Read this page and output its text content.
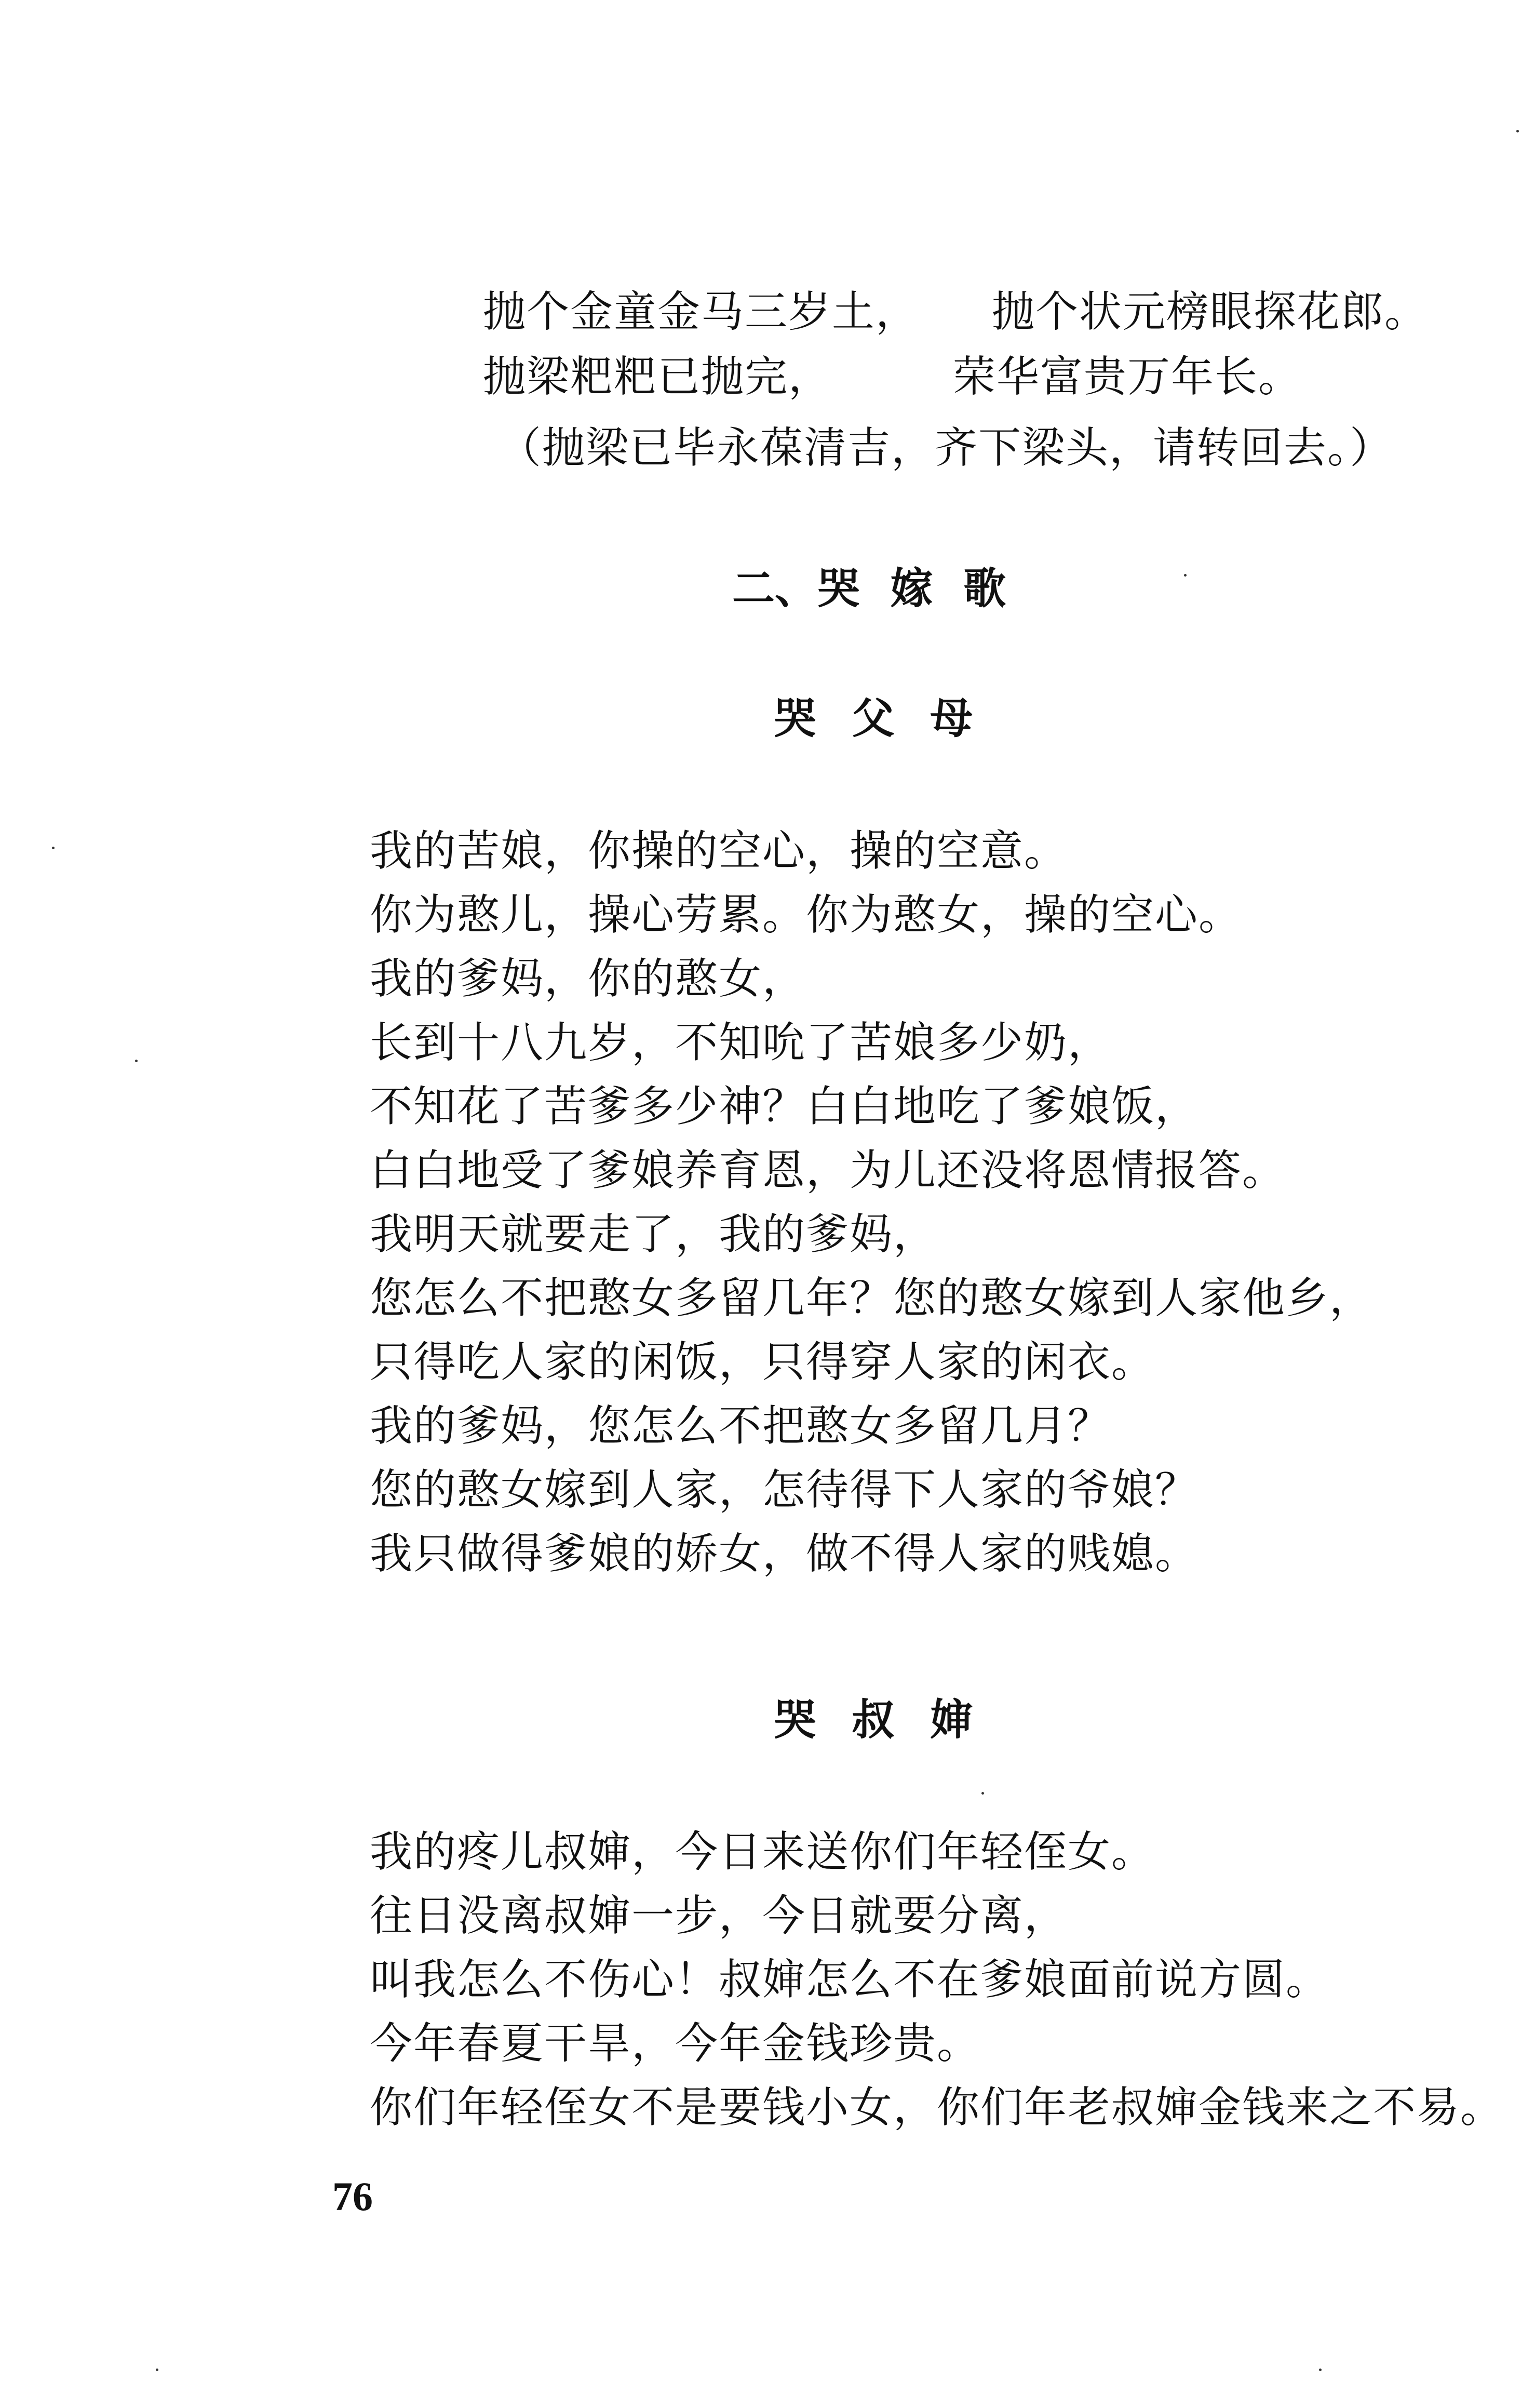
抛个金童金马三岁土， 抛个状元榜眼探花郎。
抛梁粑粑已抛完，	荣华富贵万年长。
（抛梁已毕永葆清吉，齐下梁头，请转回去。）
二、哭 嫁 歌
哭 父 母
我的苦娘，你操的空心，操的空意。
你为憨儿，操心劳累。你为憨女，操的空心。
我的爹妈，你的憨女，
长到十八九岁，不知吮了苦娘多少奶，
不知花了苦爹多少神？白白地吃了爹娘饭，
白白地受了爹娘养育恩，为儿还没将恩情报答。
我明天就要走了，我的爹妈，
您怎么不把憨女多留几年？您的憨女嫁到人家他乡，
只得吃人家的闲饭，只得穿人家的闲衣。
我的爹妈，您怎么不把憨女多留几月？
您的憨女嫁到人家，怎待得下人家的爷娘？
我只做得爹娘的娇女，做不得人家的贱媳。
哭 叔 婶
我的疼儿叔婶，今日来送你们年轻侄女。
往日没离叔婶一步，今日就要分离，
叫我怎么不伤心！叔婶怎么不在爹娘面前说方圆。
今年春夏干旱，今年金钱珍贵。
你们年轻侄女不是要钱小女，你们年老叔婶金钱来之不易。
76
